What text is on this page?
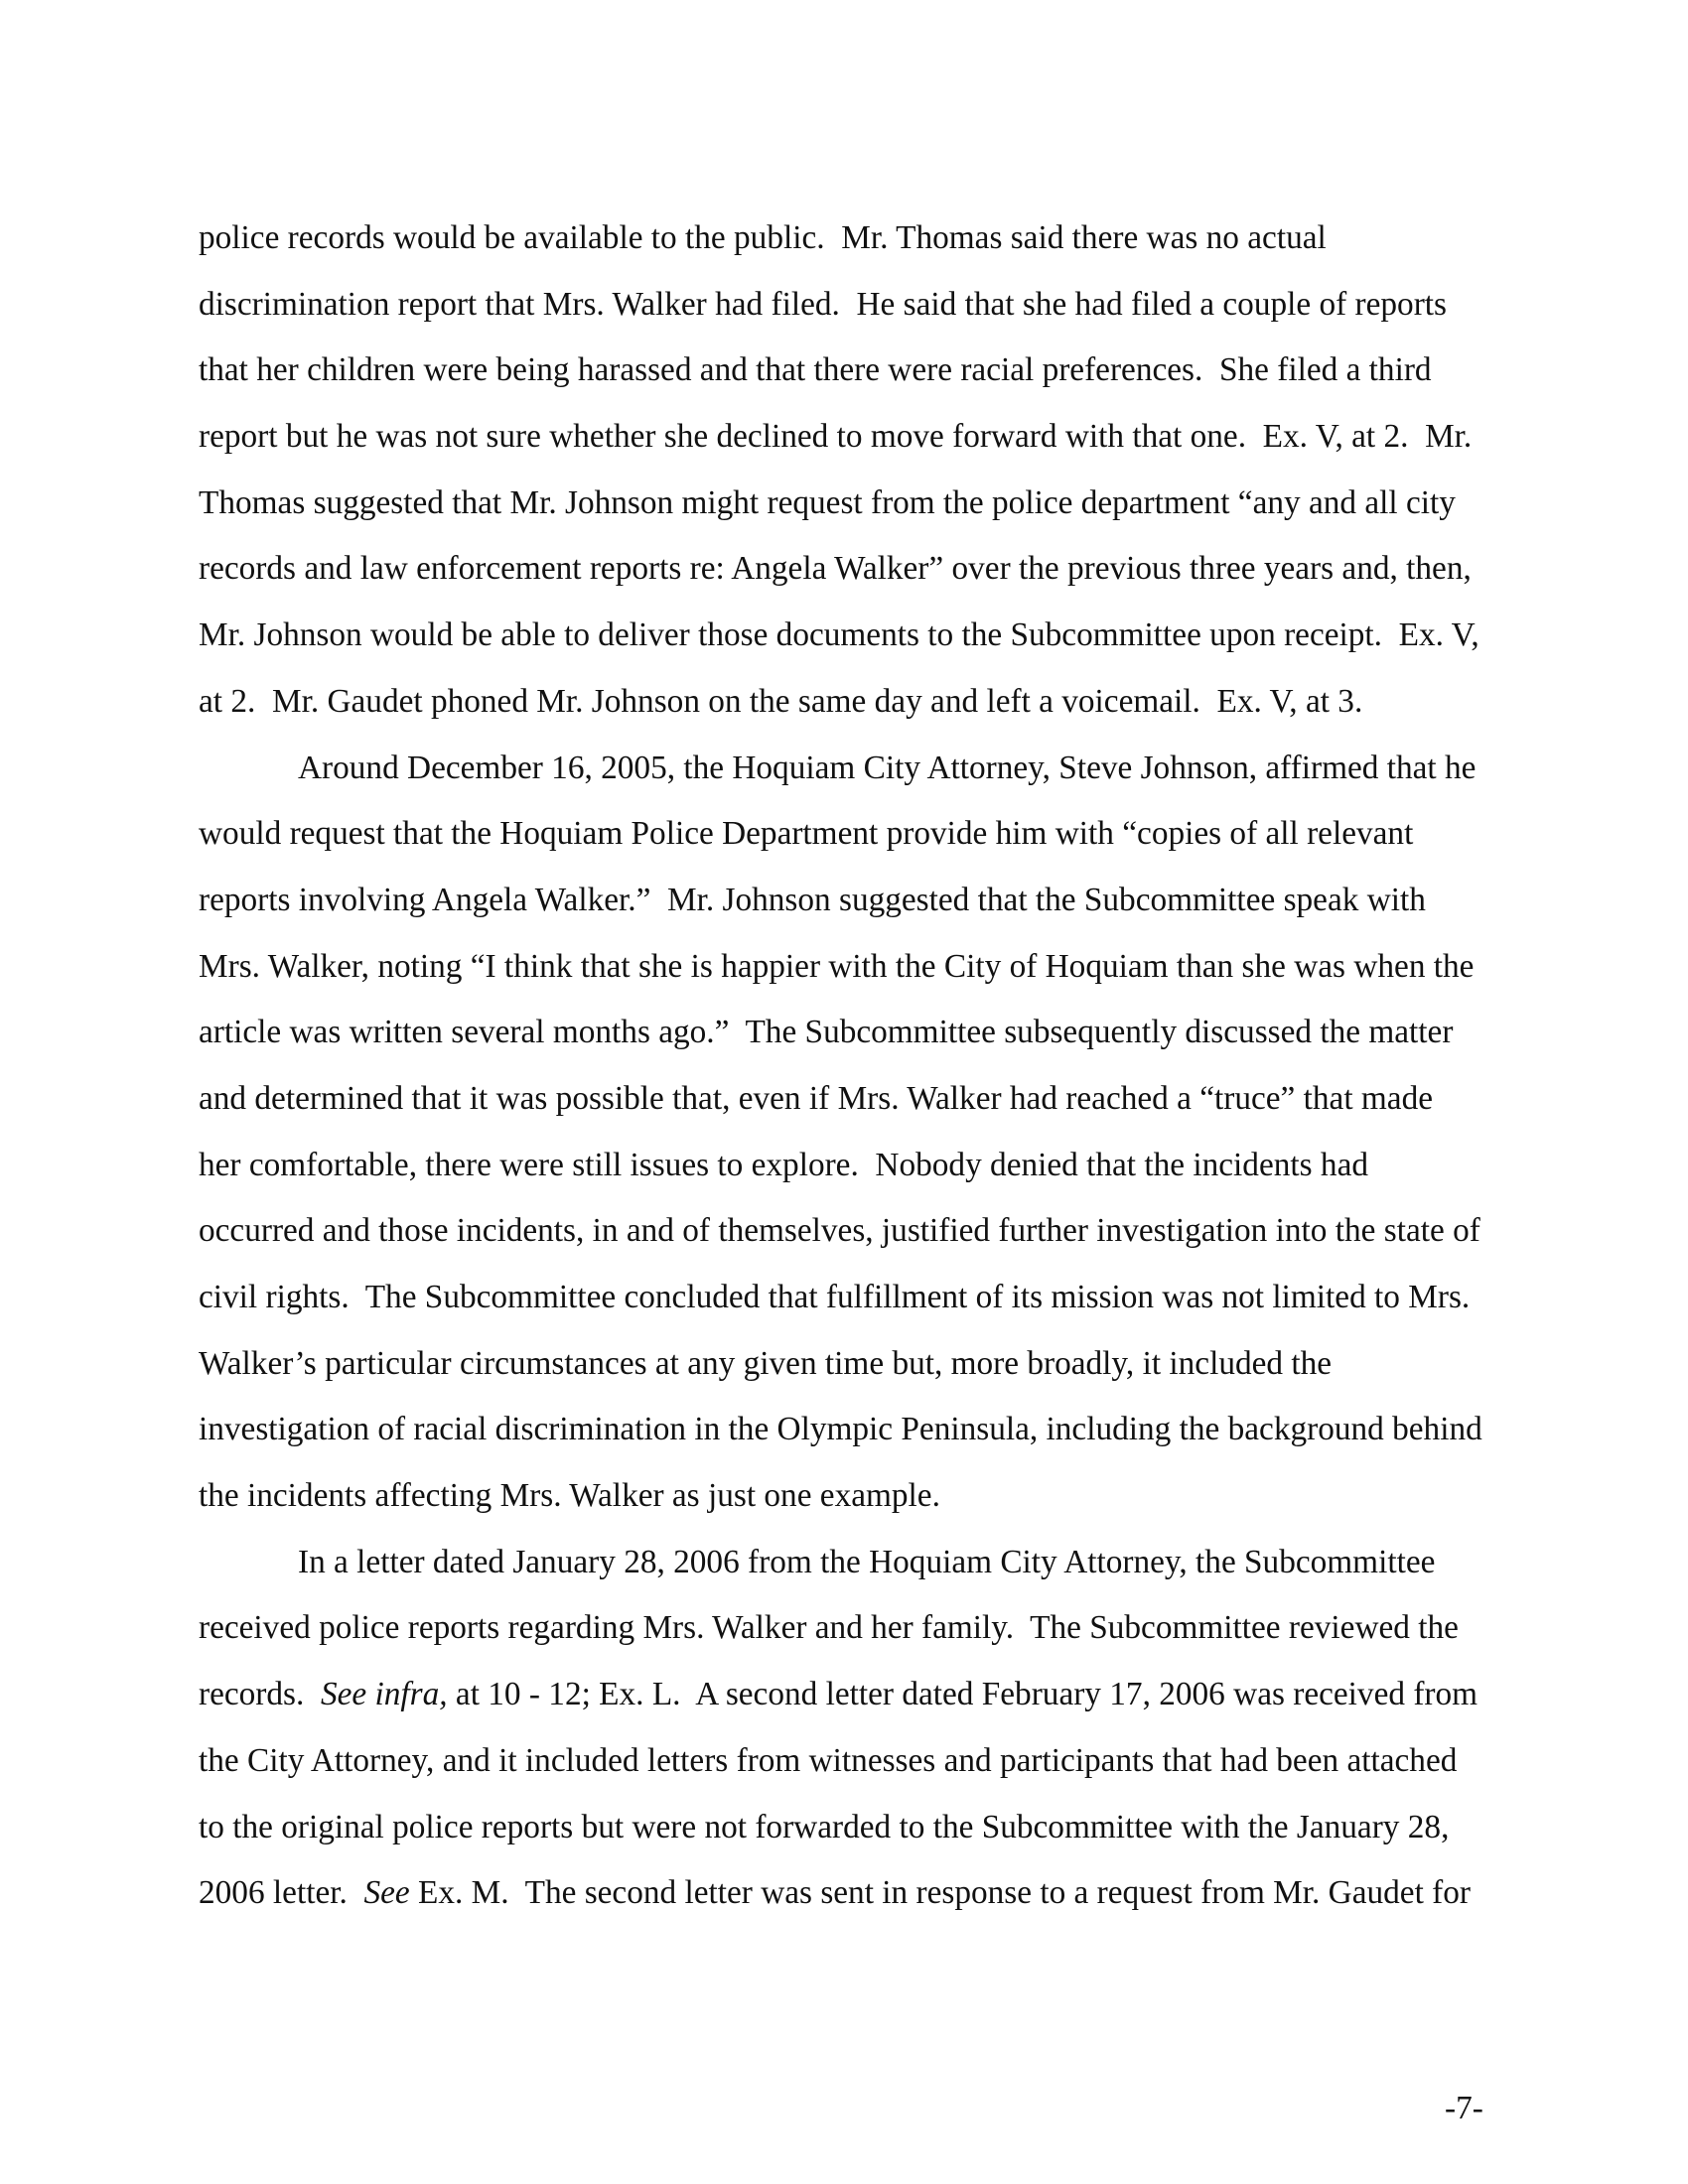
police records would be available to the public.  Mr. Thomas said there was no actual
discrimination report that Mrs. Walker had filed.  He said that she had filed a couple of reports
that her children were being harassed and that there were racial preferences.  She filed a third
report but he was not sure whether she declined to move forward with that one.  Ex. V, at 2.  Mr.
Thomas suggested that Mr. Johnson might request from the police department “any and all city
records and law enforcement reports re: Angela Walker” over the previous three years and, then,
Mr. Johnson would be able to deliver those documents to the Subcommittee upon receipt.  Ex. V,
at 2.  Mr. Gaudet phoned Mr. Johnson on the same day and left a voicemail.  Ex. V, at 3.
Around December 16, 2005, the Hoquiam City Attorney, Steve Johnson, affirmed that he
would request that the Hoquiam Police Department provide him with “copies of all relevant
reports involving Angela Walker.”  Mr. Johnson suggested that the Subcommittee speak with
Mrs. Walker, noting “I think that she is happier with the City of Hoquiam than she was when the
article was written several months ago.”  The Subcommittee subsequently discussed the matter
and determined that it was possible that, even if Mrs. Walker had reached a “truce” that made
her comfortable, there were still issues to explore.  Nobody denied that the incidents had
occurred and those incidents, in and of themselves, justified further investigation into the state of
civil rights.  The Subcommittee concluded that fulfillment of its mission was not limited to Mrs.
Walker’s particular circumstances at any given time but, more broadly, it included the
investigation of racial discrimination in the Olympic Peninsula, including the background behind
the incidents affecting Mrs. Walker as just one example.
In a letter dated January 28, 2006 from the Hoquiam City Attorney, the Subcommittee
received police reports regarding Mrs. Walker and her family.  The Subcommittee reviewed the
records.  See infra, at 10 - 12; Ex. L.  A second letter dated February 17, 2006 was received from
the City Attorney, and it included letters from witnesses and participants that had been attached
to the original police reports but were not forwarded to the Subcommittee with the January 28,
2006 letter.  See Ex. M.  The second letter was sent in response to a request from Mr. Gaudet for
-7-
